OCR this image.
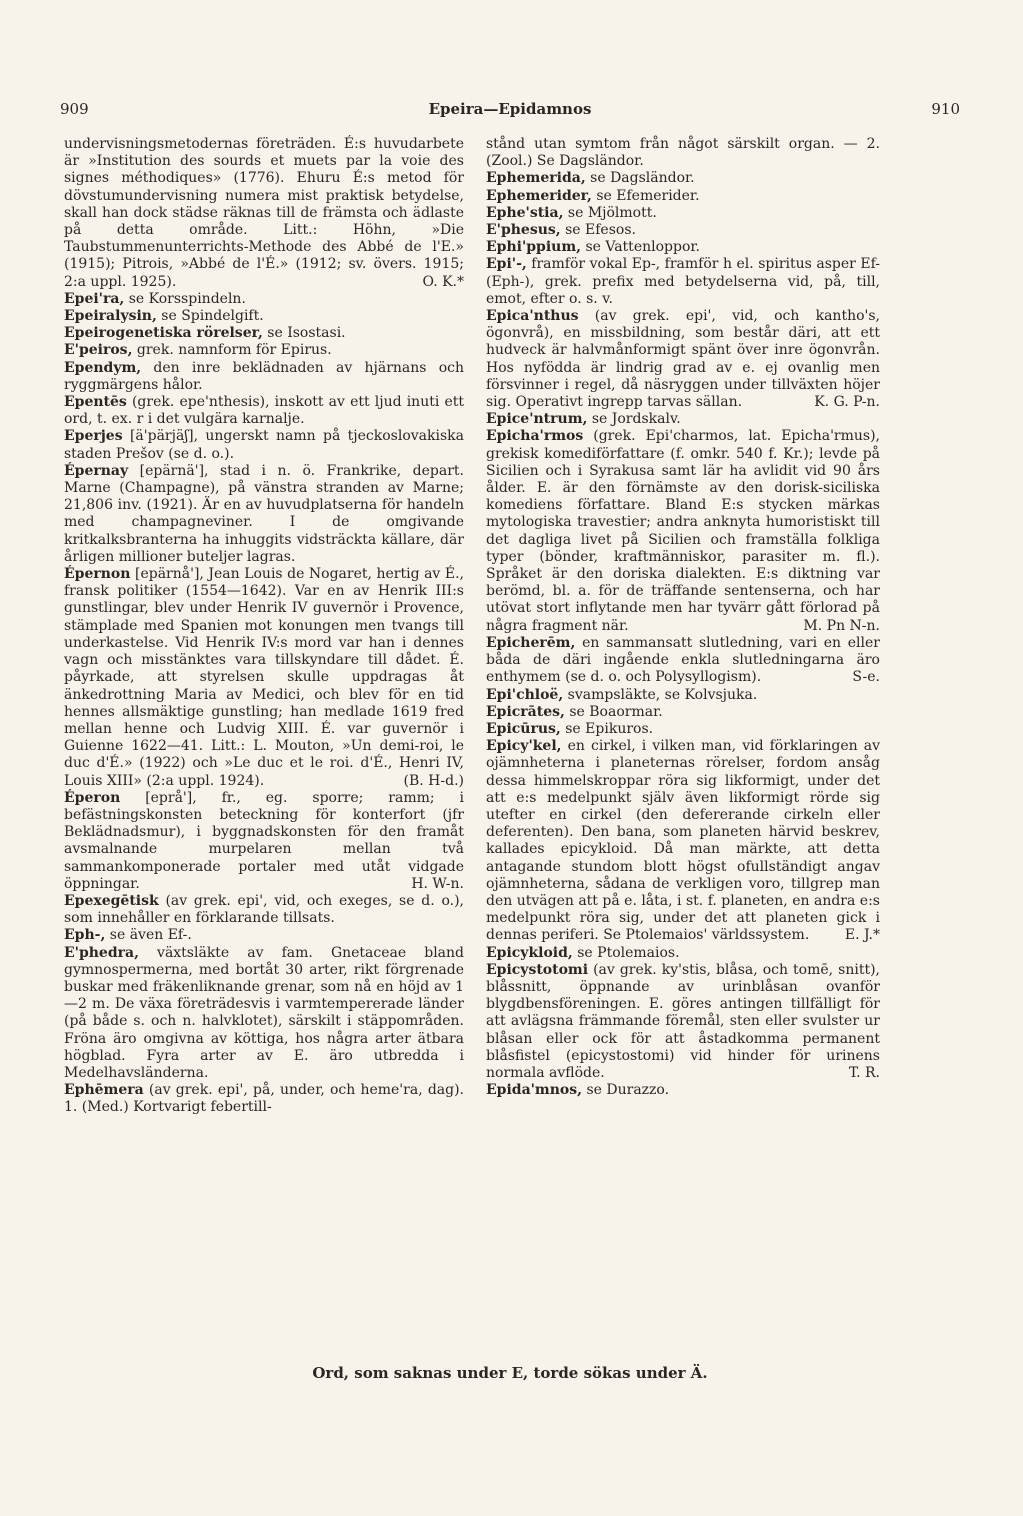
909	Epeira—Epidamnos	910

undervisningsmetodernas företräden. É:s huvudarbete är »Institution des sourds et muets par la voie des signes méthodiques» (1776). Ehuru É:s metod för dövstumundervisning numera mist praktisk betydelse, skall han dock städse räknas till de främsta och ädlaste på detta område. Litt.: Höhn, »Die Taubstummenunterrichts-Methode des Abbé de l'E.» (1915); Pitrois, »Abbé de l'É.» (1912; sv. övers. 1915; 2:a uppl. 1925).	O. K.*

Epei'ra, se Korsspindeln.

Epeiralysin, se Spindelgift.

Epeirogenetiska rörelser, se Isostasi.

E'peiros, grek. namnform för Epirus.

Ependym, den inre beklädnaden av hjärnans och ryggmärgens hålor.

Epentēs (grek. epe'nthesis), inskott av ett ljud inuti ett ord, t. ex. r i det vulgära karnalje.

Eperjes [ä'pärjäʃ], ungerskt namn på tjeckoslovakiska staden Prešov (se d. o.).

Épernay [epärnä'], stad i n. ö. Frankrike, depart. Marne (Champagne), på vänstra stranden av Marne; 21,806 inv. (1921). Är en av huvudplatserna för handeln med champagneviner. I de omgivande kritkalksbranterna ha inhuggits vidsträckta källare, där årligen millioner buteljer lagras.

Épernon [epärnå'], Jean Louis de Nogaret, hertig av É., fransk politiker (1554—1642). Var en av Henrik III:s gunstlingar, blev under Henrik IV guvernör i Provence, stämplade med Spanien mot konungen men tvangs till underkastelse. Vid Henrik IV:s mord var han i dennes vagn och misstänktes vara tillskyndare till dådet. É. påyrkade, att styrelsen skulle uppdragas åt änkedrottning Maria av Medici, och blev för en tid hennes allsmäktige gunstling; han medlade 1619 fred mellan henne och Ludvig XIII. É. var guvernör i Guienne 1622—41. Litt.: L. Mouton, »Un demi-roi, le duc d'É.» (1922) och »Le duc et le roi. d'É., Henri IV, Louis XIII» (2:a uppl. 1924).	(B. H-d.)

Éperon [eprå'], fr., eg. sporre; ramm; i befästningskonsten beteckning för konterfort (jfr Beklädnadsmur), i byggnadskonsten för den framåt avsmalnande murpelaren mellan två sammankomponerade portaler med utåt vidgade öppningar.	H. W-n.

Epexegētisk (av grek. epi', vid, och exeges, se d. o.), som innehåller en förklarande tillsats.

Eph-, se även Ef-.

E'phedra, växtsläkte av fam. Gnetaceae bland gymnospermerna, med bortåt 30 arter, rikt förgrenade buskar med fräkenliknande grenar, som nå en höjd av 1—2 m. De växa företrädesvis i varmtempererade länder (på både s. och n. halvklotet), särskilt i stäppområden. Fröna äro omgivna av köttiga, hos några arter ätbara högblad. Fyra arter av E. äro utbredda i Medelhavsländerna.

Ephēmera (av grek. epi', på, under, och heme'ra, dag). 1. (Med.) Kortvarigt febertill-

stånd utan symtom från något särskilt organ. — 2. (Zool.) Se Dagsländor.

Ephemerida, se Dagsländor.

Ephemerider, se Efemerider.

Ephe'stia, se Mjölmott.

E'phesus, se Efesos.

Ephi'ppium, se Vattenloppor.

Epi'-, framför vokal Ep-, framför h el. spiritus asper Ef- (Eph-), grek. prefix med betydelserna vid, på, till, emot, efter o. s. v.

Epica'nthus (av grek. epi', vid, och kantho's, ögonvrå), en missbildning, som består däri, att ett hudveck är halvmånformigt spänt över inre ögonvrån. Hos nyfödda är lindrig grad av e. ej ovanlig men försvinner i regel, då näsryggen under tillväxten höjer sig. Operativt ingrepp tarvas sällan.	K. G. P-n.

Epice'ntrum, se Jordskalv.

Epicha'rmos (grek. Epi'charmos, lat. Epicha'rmus), grekisk komediförfattare (f. omkr. 540 f. Kr.); levde på Sicilien och i Syrakusa samt lär ha avlidit vid 90 års ålder. E. är den förnämste av den dorisk-siciliska komediens författare. Bland E:s stycken märkas mytologiska travestier; andra anknyta humoristiskt till det dagliga livet på Sicilien och framställa folkliga typer (bönder, kraftmänniskor, parasiter m. fl.). Språket är den doriska dialekten. E:s diktning var berömd, bl. a. för de träffande sentenserna, och har utövat stort inflytande men har tyvärr gått förlorad på några fragment när.	M. Pn N-n.

Epicherēm, en sammansatt slutledning, vari en eller båda de däri ingående enkla slutledningarna äro enthymem (se d. o. och Polysyllogism).	S-e.

Epi'chloë, svampsläkte, se Kolvsjuka.

Epicrātes, se Boaormar.

Epicūrus, se Epikuros.

Epicy'kel, en cirkel, i vilken man, vid förklaringen av ojämnheterna i planeternas rörelser, fordom ansåg dessa himmelskroppar röra sig likformigt, under det att e:s medelpunkt själv även likformigt rörde sig utefter en cirkel (den defererande cirkeln eller deferenten). Den bana, som planeten härvid beskrev, kallades epicykloid. Då man märkte, att detta antagande stundom blott högst ofullständigt angav ojämnheterna, sådana de verkligen voro, tillgrep man den utvägen att på e. låta, i st. f. planeten, en andra e:s medelpunkt röra sig, under det att planeten gick i dennas periferi. Se Ptolemaios' världssystem.	E. J.*

Epicykloid, se Ptolemaios.

Epicystotomi (av grek. ky'stis, blåsa, och tomē, snitt), blåssnitt, öppnande av urinblåsan ovanför blygdbensföreningen. E. göres antingen tillfälligt för att avlägsna främmande föremål, sten eller svulster ur blåsan eller ock för att åstadkomma permanent blåsfistel (epicystostomi) vid hinder för urinens normala avflöde.	T. R.

Epida'mnos, se Durazzo.

Ord, som saknas under E, torde sökas under Ä.
